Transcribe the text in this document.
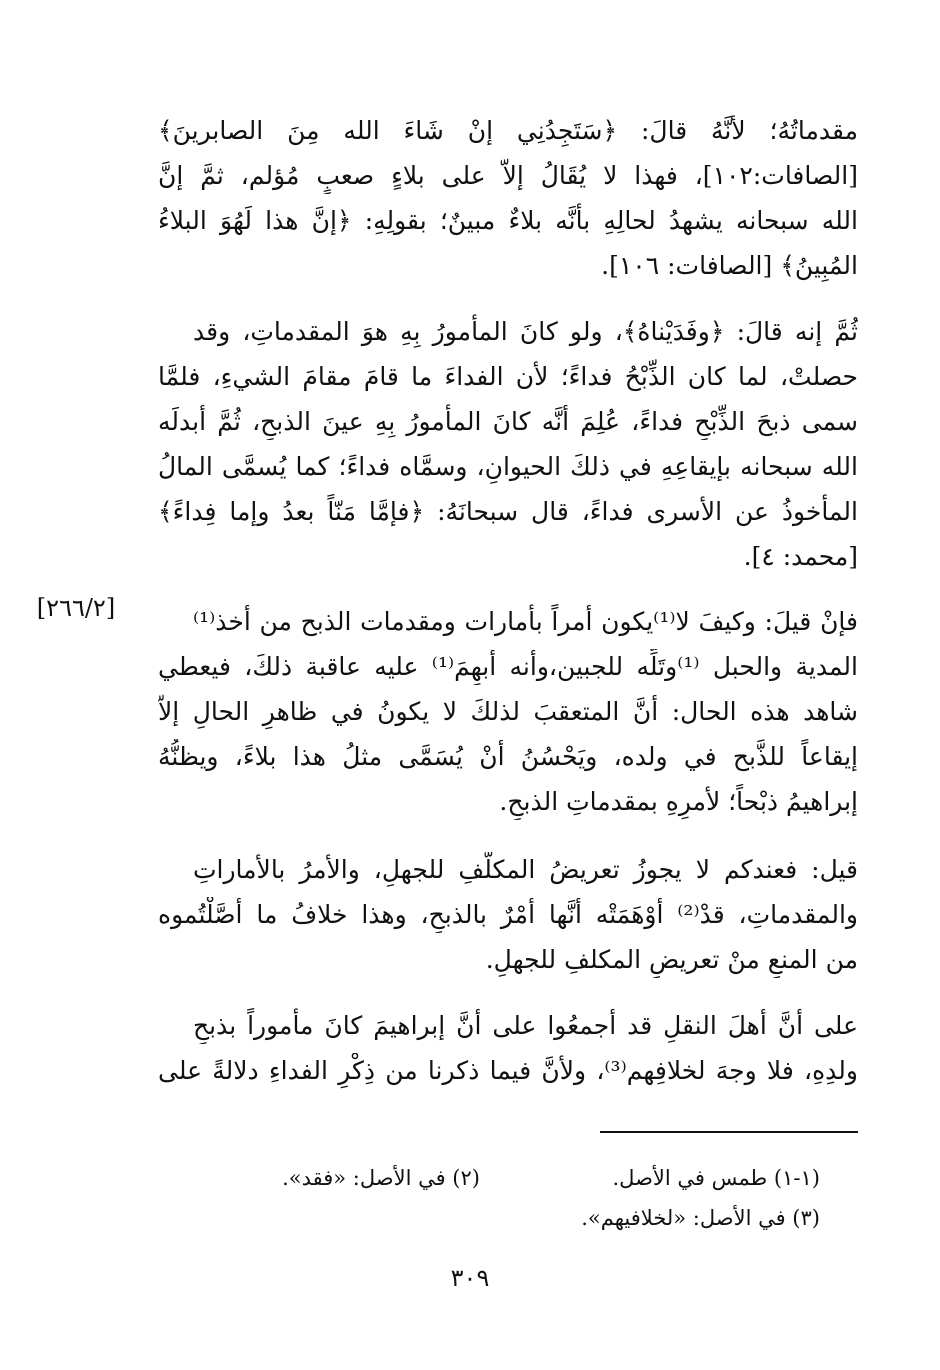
مقدماتُهُ؛ لأنَّهُ قالَ: ﴿سَتَجِدُنِي إنْ شَاءَ الله مِنَ الصابرينَ﴾
[الصافات:١٠٢]، فهذا لا يُقَالُ إلاَّ على بلاءٍ صعبٍ مُؤلم، ثمَّ إنَّ
الله سبحانه يشهدُ لحالِهِ بأنَّه بلاءٌ مبينٌ؛ بقولِهِ: ﴿إنَّ هذا لَهُوَ البلاءُ
المُبِينُ﴾ [الصافات: ١٠٦].
ثُمَّ إنه قالَ: ﴿وفَدَيْناهُ﴾، ولو كانَ المأمورُ بِهِ هوَ المقدماتِ، وقد
حصلتْ، لما كان الذِّبْحُ فداءً؛ لأن الفداءَ ما قامَ مقامَ الشيءِ، فلمَّا
سمى ذبحَ الذِّبْحِ فداءً، عُلِمَ أنَّه كانَ المأمورُ بِهِ عينَ الذبحِ، ثُمَّ أبدلَه
الله سبحانه بإيقاعِهِ في ذلكَ الحيوانِ، وسمَّاه فداءً؛ كما يُسمَّى المالُ
المأخوذُ عن الأسرى فداءً، قال سبحانَهُ: ﴿فإمَّا مَنّاً بعدُ وإما فِداءً﴾
[محمد: ٤].
[٢٦٦/٢]	فإنْ قيلَ: وكيفَ لا⁽¹⁾يكون أمراً بأمارات ومقدمات الذبح من أخذ⁽¹⁾
المدية والحبل ⁽¹⁾وتَلِّه للجبين،وأنه أُبهِمَ⁽¹⁾ عليه عاقبة ذلكَ، فيعطي
شاهد هذه الحال: أنَّ المتعقبَ لذلكَ لا يكونُ في ظاهرِ الحالِ إلاَّ
إيقاعاً للذَّبح في ولده، ويَحْسُنُ أنْ يُسَمَّى مثلُ هذا بلاءً، ويظنُّهُ
إبراهيمُ ذبْحاً؛ لأمرِهِ بمقدماتِ الذبحِ.
قيل: فعندكم لا يجوزُ تعريضُ المكلَّفِ للجهلِ، والأمرُ بالأماراتِ
والمقدماتِ، قدْ⁽²⁾ أَوْهَمَتْه أنَّها أمْرٌ بالذبحِ، وهذا خلافُ ما أَصَّلْتُموه
من المنعِ منْ تعريضِ المكلفِ للجهلِ.
على أنَّ أهلَ النقلِ قد أجمعُوا على أنَّ إبراهيمَ كانَ مأموراً بذبحِ
ولدِهِ، فلا وجهَ لخلافِهم⁽³⁾، ولأنَّ فيما ذكرنا من ذِكْرِ الفداءِ دلالةً على
(١-١) طمس في الأصل.
(٢) في الأصل: «فقد».
(٣) في الأصل: «لخلافيهم».
٣٠٩
